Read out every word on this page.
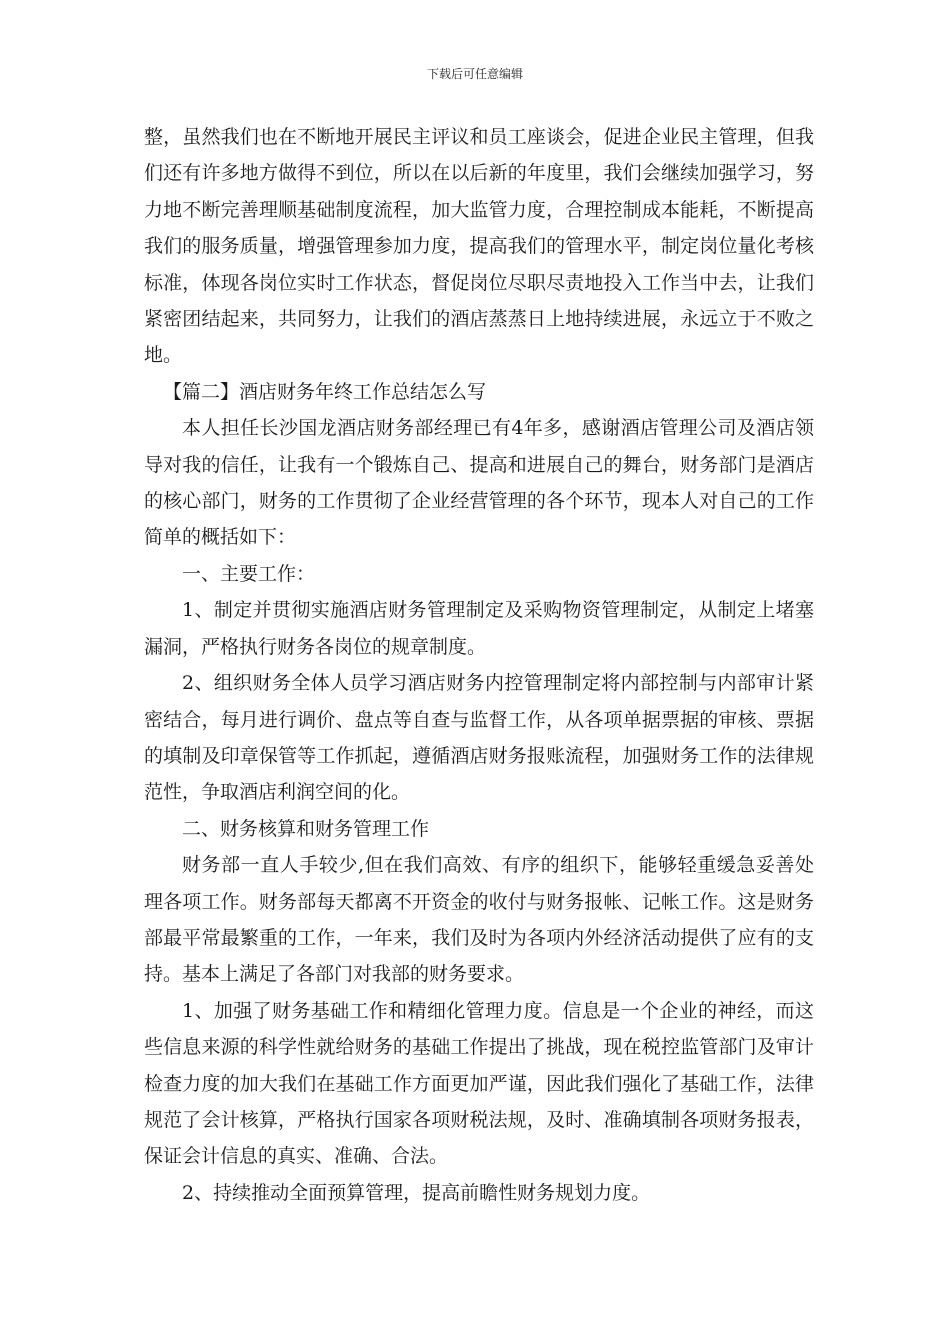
下载后可任意编辑

整，虽然我们也在不断地开展民主评议和员工座谈会，促进企业民主管理，但我们还有许多地方做得不到位，所以在以后新的年度里，我们会继续加强学习，努力地不断完善理顺基础制度流程，加大监管力度，合理控制成本能耗，不断提高我们的服务质量，增强管理参加力度，提高我们的管理水平，制定岗位量化考核标准，体现各岗位实时工作状态，督促岗位尽职尽责地投入工作当中去，让我们紧密团结起来，共同努力，让我们的酒店蒸蒸日上地持续进展，永远立于不败之地。

【篇二】酒店财务年终工作总结怎么写

本人担任长沙国龙酒店财务部经理已有4年多，感谢酒店管理公司及酒店领导对我的信任，让我有一个锻炼自己、提高和进展自己的舞台，财务部门是酒店的核心部门，财务的工作贯彻了企业经营管理的各个环节，现本人对自己的工作简单的概括如下：

一、主要工作：

1、制定并贯彻实施酒店财务管理制定及采购物资管理制定，从制定上堵塞漏洞，严格执行财务各岗位的规章制度。

2、组织财务全体人员学习酒店财务内控管理制定将内部控制与内部审计紧密结合，每月进行调价、盘点等自查与监督工作，从各项单据票据的审核、票据的填制及印章保管等工作抓起，遵循酒店财务报账流程，加强财务工作的法律规范性，争取酒店利润空间的化。

二、财务核算和财务管理工作

财务部一直人手较少,但在我们高效、有序的组织下，能够轻重缓急妥善处理各项工作。财务部每天都离不开资金的收付与财务报帐、记帐工作。这是财务部最平常最繁重的工作，一年来，我们及时为各项内外经济活动提供了应有的支持。基本上满足了各部门对我部的财务要求。

1、加强了财务基础工作和精细化管理力度。信息是一个企业的神经，而这些信息来源的科学性就给财务的基础工作提出了挑战，现在税控监管部门及审计检查力度的加大我们在基础工作方面更加严谨，因此我们强化了基础工作，法律规范了会计核算，严格执行国家各项财税法规，及时、准确填制各项财务报表，保证会计信息的真实、准确、合法。

2、持续推动全面预算管理，提高前瞻性财务规划力度。
